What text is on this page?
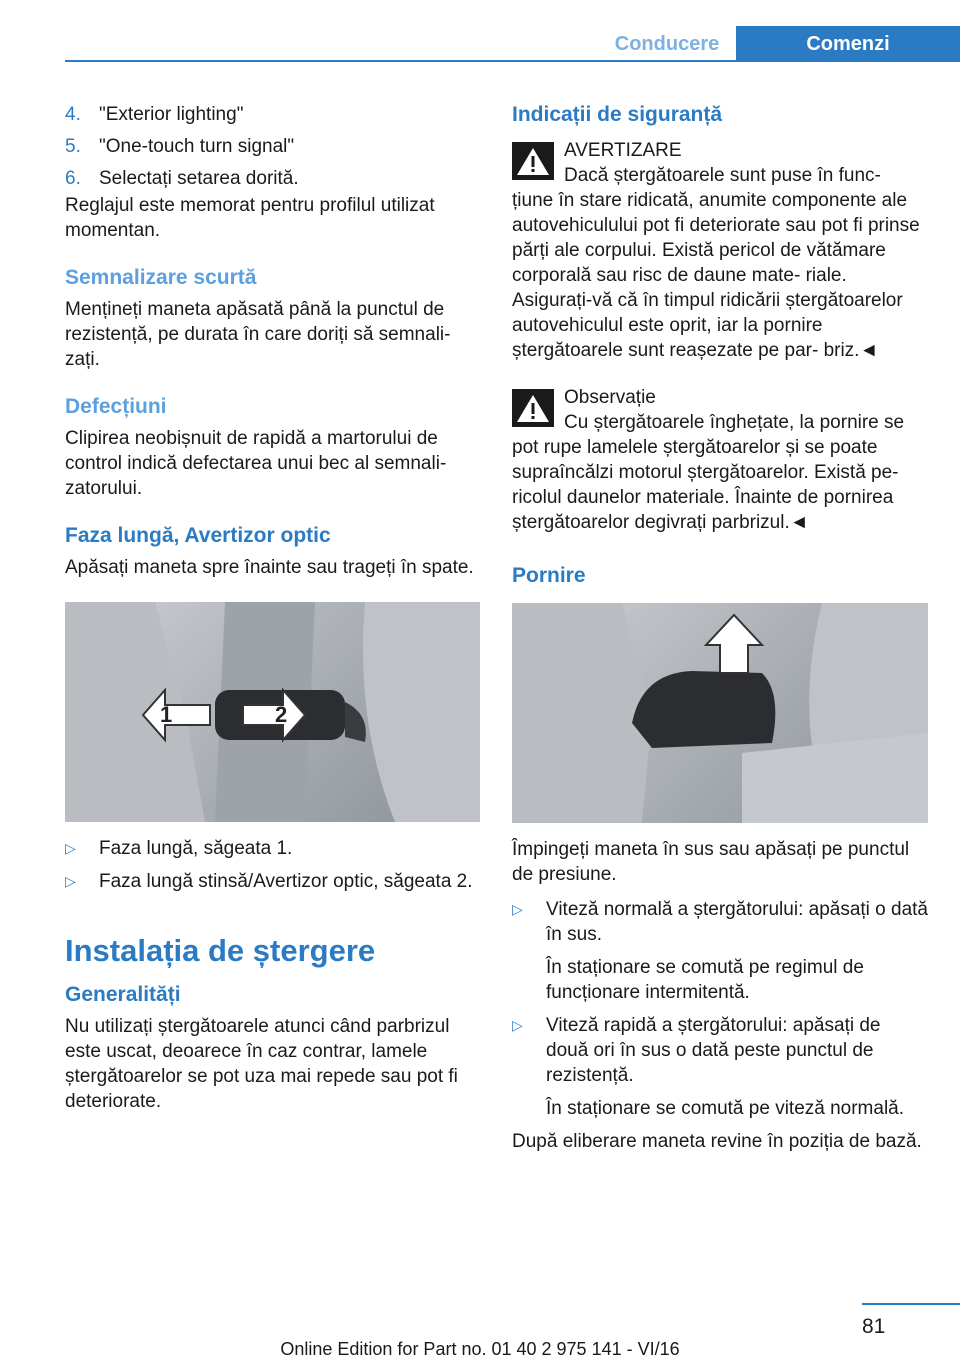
Conducere	Comenzi
4. "Exterior lighting"
5. "One-touch turn signal"
6. Selectați setarea dorită.

Reglajul este memorat pentru profilul utilizat momentan.

Semnalizare scurtă

Mențineți maneta apăsată până la punctul de rezistență, pe durata în care doriți să semnali‐ zați.

Defecțiuni

Clipirea neobișnuit de rapidă a martorului de control indică defectarea unui bec al semnali‐ zatorului.

Faza lungă, Avertizor optic

Apăsați maneta spre înainte sau trageți în spate.

1	2
▷	Faza lungă, săgeata 1.
▷	Faza lungă stinsă/Avertizor optic, săgeata 2.
Instalația de ștergere
Generalități

Nu utilizați ștergătoarele atunci când parbrizul este uscat, deoarece în caz contrar, lamele ștergătoarelor se pot uza mai repede sau pot fi deteriorate.

Indicații de siguranță

AVERTIZARE

Dacă ștergătoarele sunt puse în func‐

țiune în stare ridicată, anumite componente ale autovehiculului pot fi deteriorate sau pot fi prinse părți ale corpului. Există pericol de vătămare corporală sau risc de daune mate‐ riale. Asigurați-vă că în timpul ridicării ștergătoarelor autovehiculul este oprit, iar la pornire ștergătoarele sunt reașezate pe par‐ briz.◄

Observație

Cu ștergătoarele înghețate, la pornire se

pot rupe lamelele ștergătoarelor și se poate supraîncălzi motorul ștergătoarelor. Există pe‐ ricolul daunelor materiale. Înainte de pornirea ștergătoarelor degivrați parbrizul.◄

Pornire

Împingeți maneta în sus sau apăsați pe punctul de presiune.

▷	Viteză normală a ștergătorului: apăsați o dată în sus.

În staționare se comută pe regimul de funcționare intermitentă.

▷	Viteză rapidă a ștergătorului: apăsați de două ori în sus o dată peste punctul de rezistență.

În staționare se comută pe viteză normală.

După eliberare maneta revine în poziția de bază.

81
Online Edition for Part no. 01 40 2 975 141 - VI/16
